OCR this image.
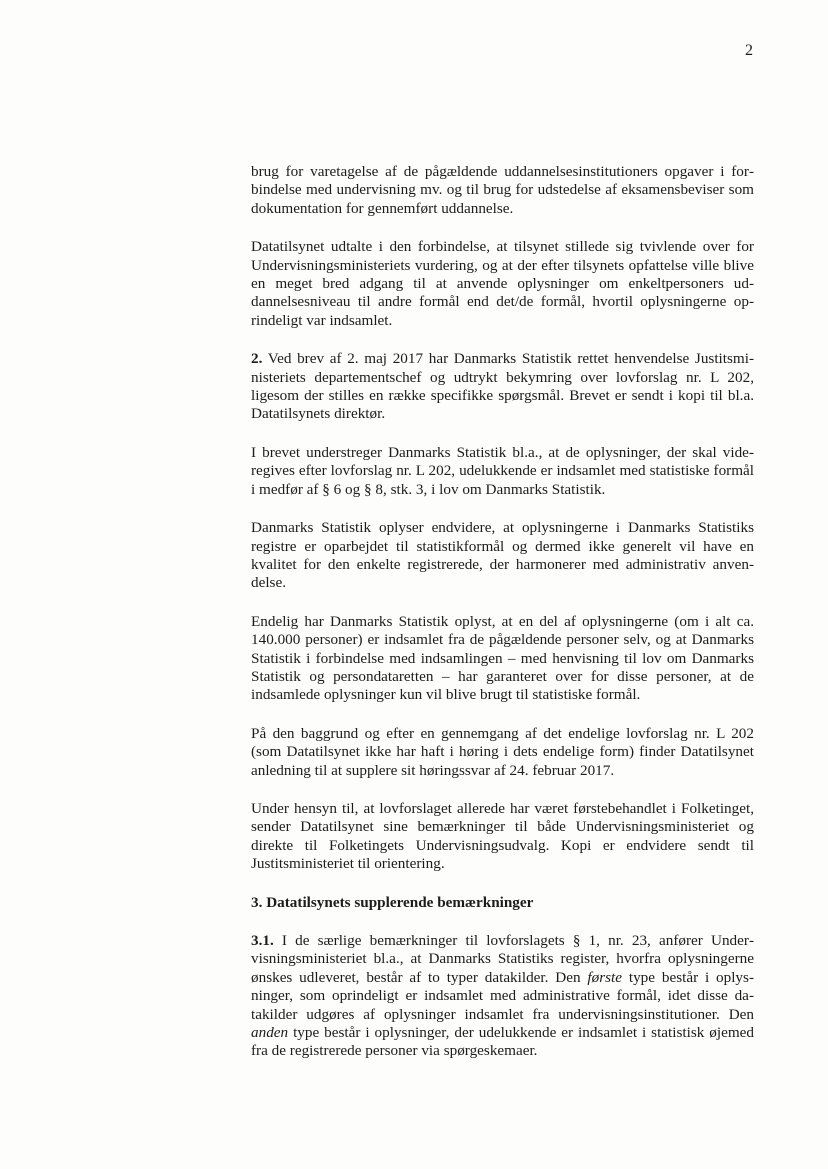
2

brug for varetagelse af de pågældende uddannelsesinstitutioners opgaver i forbindelse med undervisning mv. og til brug for udstedelse af eksamensbeviser som dokumentation for gennemført uddannelse.

Datatilsynet udtalte i den forbindelse, at tilsynet stillede sig tvivlende over for Undervisningsministeriets vurdering, og at der efter tilsynets opfattelse ville blive en meget bred adgang til at anvende oplysninger om enkeltpersoners uddannelsesniveau til andre formål end det/de formål, hvortil oplysningerne oprindeligt var indsamlet.

2. Ved brev af 2. maj 2017 har Danmarks Statistik rettet henvendelse Justitsministeriets departementschef og udtrykt bekymring over lovforslag nr. L 202, ligesom der stilles en række specifikke spørgsmål. Brevet er sendt i kopi til bl.a. Datatilsynets direktør.

I brevet understreger Danmarks Statistik bl.a., at de oplysninger, der skal videregives efter lovforslag nr. L 202, udelukkende er indsamlet med statistiske formål i medfør af § 6 og § 8, stk. 3, i lov om Danmarks Statistik.

Danmarks Statistik oplyser endvidere, at oplysningerne i Danmarks Statistiks registre er oparbejdet til statistikformål og dermed ikke generelt vil have en kvalitet for den enkelte registrerede, der harmonerer med administrativ anvendelse.

Endelig har Danmarks Statistik oplyst, at en del af oplysningerne (om i alt ca. 140.000 personer) er indsamlet fra de pågældende personer selv, og at Danmarks Statistik i forbindelse med indsamlingen – med henvisning til lov om Danmarks Statistik og persondataretten – har garanteret over for disse personer, at de indsamlede oplysninger kun vil blive brugt til statistiske formål.

På den baggrund og efter en gennemgang af det endelige lovforslag nr. L 202 (som Datatilsynet ikke har haft i høring i dets endelige form) finder Datatilsynet anledning til at supplere sit høringssvar af 24. februar 2017.

Under hensyn til, at lovforslaget allerede har været førstebehandlet i Folketinget, sender Datatilsynet sine bemærkninger til både Undervisningsministeriet og direkte til Folketingets Undervisningsudvalg. Kopi er endvidere sendt til Justitsministeriet til orientering.

3. Datatilsynets supplerende bemærkninger

3.1. I de særlige bemærkninger til lovforslagets § 1, nr. 23, anfører Undervisningsministeriet bl.a., at Danmarks Statistiks register, hvorfra oplysningerne ønskes udleveret, består af to typer datakilder. Den første type består i oplysninger, som oprindeligt er indsamlet med administrative formål, idet disse datakilder udgøres af oplysninger indsamlet fra undervisningsinstitutioner. Den anden type består i oplysninger, der udelukkende er indsamlet i statistisk øjemed fra de registrerede personer via spørgeskemaer.
